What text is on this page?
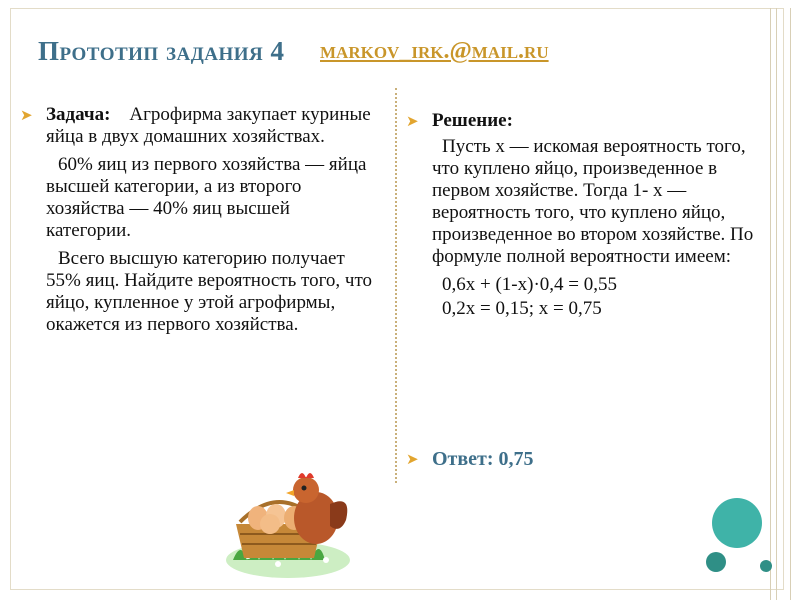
Прототип задания 4 markov_irk.@mail.ru
➤ Задача: Агрофирма закупает куриные яйца в двух домашних хозяйствах.

60% яиц из первого хозяйства — яйца высшей категории, а из второго хозяйства — 40% яиц высшей категории.

Всего высшую категорию получает 55% яиц. Найдите вероятность того, что яйцо, купленное у этой агрофирмы, окажется из первого хозяйства.

➤ Решение:

Пусть x — искомая вероятность того, что куплено яйцо, произведенное в первом хозяйстве. Тогда 1- x — вероятность того, что куплено яйцо, произведенное во втором хозяйстве. По формуле полной вероятности имеем:

0,6x + (1-x)·0,4 = 0,55

0,2x = 0,15; x = 0,75

➤ Ответ: 0,75
